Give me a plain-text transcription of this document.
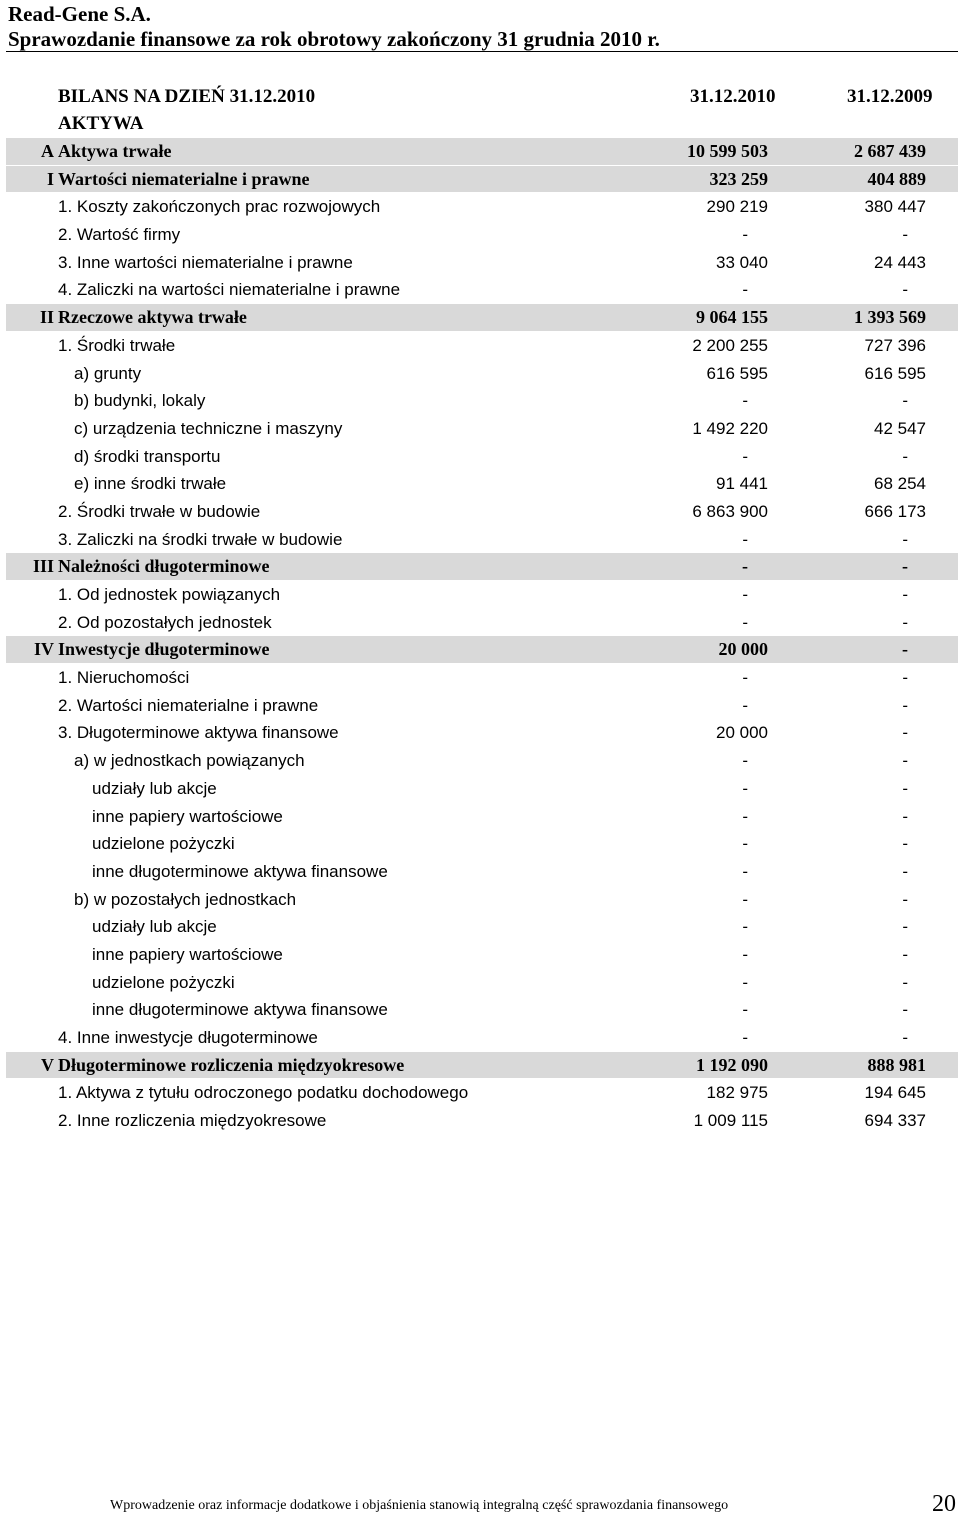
Read-Gene S.A.
Sprawozdanie finansowe za rok obrotowy zakończony 31 grudnia 2010 r.
BILANS NA DZIEŃ 31.12.2010	31.12.2010	31.12.2009
AKTYWA
A Aktywa trwałe	10 599 503	2 687 439
I Wartości niematerialne i prawne	323 259	404 889
1. Koszty zakończonych prac rozwojowych	290 219	380 447
2. Wartość firmy	-	-
3. Inne wartości niematerialne i prawne	33 040	24 443
4. Zaliczki na wartości niematerialne i prawne	-	-
II Rzeczowe aktywa trwałe	9 064 155	1 393 569
1. Środki trwałe	2 200 255	727 396
a) grunty	616 595	616 595
b) budynki, lokaly	-	-
c) urządzenia techniczne i maszyny	1 492 220	42 547
d) środki transportu	-	-
e) inne środki trwałe	91 441	68 254
2. Środki trwałe w budowie	6 863 900	666 173
3. Zaliczki na środki trwałe w budowie	-	-
III Należności długoterminowe	-	-
1. Od jednostek powiązanych	-	-
2. Od pozostałych jednostek	-	-
IV Inwestycje długoterminowe	20 000	-
1. Nieruchomości	-	-
2. Wartości niematerialne i prawne	-	-
3. Długoterminowe aktywa finansowe	20 000	-
a) w jednostkach powiązanych	-	-
udziały lub akcje	-	-
inne papiery wartościowe	-	-
udzielone pożyczki	-	-
inne długoterminowe aktywa finansowe	-	-
b) w pozostałych jednostkach	-	-
udziały lub akcje	-	-
inne papiery wartościowe	-	-
udzielone pożyczki	-	-
inne długoterminowe aktywa finansowe	-	-
4. Inne inwestycje długoterminowe	-	-
V Długoterminowe rozliczenia międzyokresowe	1 192 090	888 981
1. Aktywa z tytułu odroczonego podatku dochodowego	182 975	194 645
2. Inne rozliczenia międzyokresowe	1 009 115	694 337
Wprowadzenie oraz informacje dodatkowe i objaśnienia stanowią integralną część sprawozdania finansowego	20
